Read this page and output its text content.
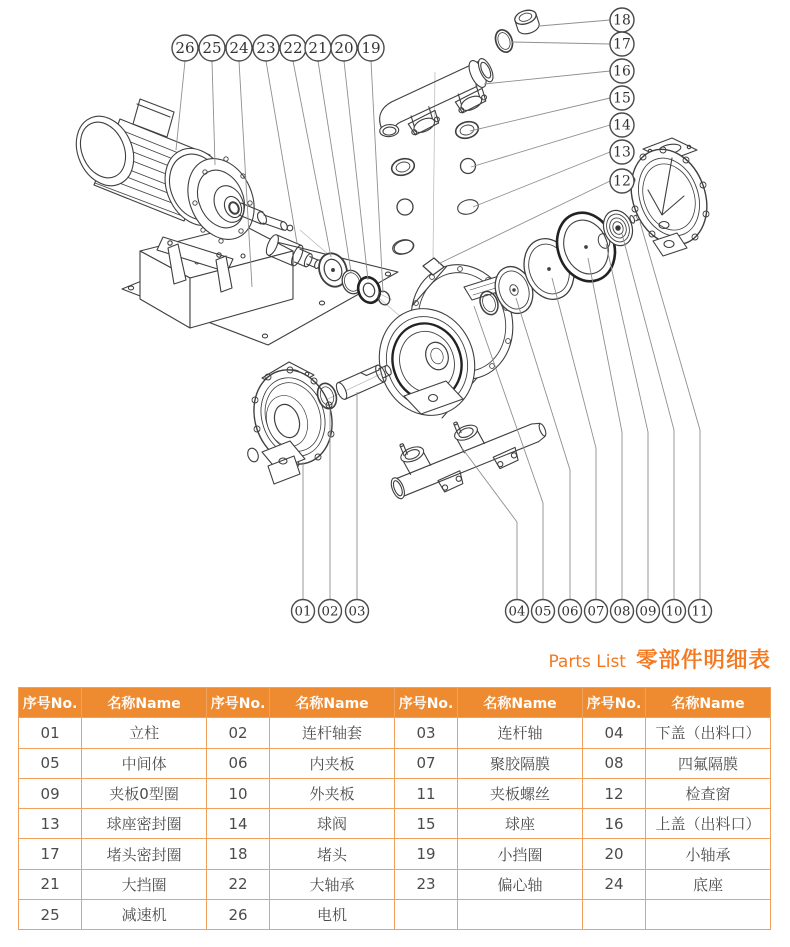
26 25 24 23 22 21 20 19
18
17
16
15
14
13
12
01 02 03	04 05 06 07 08 09 10 11
Parts List 零部件明细表
序号No.	名称Name	序号No.	名称Name	序号No.	名称Name	序号No.	名称Name
01	立柱	02	连杆轴套	03	连杆轴	04	下盖（出料口）
05	中间体	06	内夹板	07	聚胶隔膜	08	四氟隔膜
09	夹板0型圈	10	外夹板	11	夹板螺丝	12	检查窗
13	球座密封圈	14	球阀	15	球座	16	上盖（出料口）
17	堵头密封圈	18	堵头	19	小挡圈	20	小轴承
21	大挡圈	22	大轴承	23	偏心轴	24	底座
25	减速机	26	电机				
